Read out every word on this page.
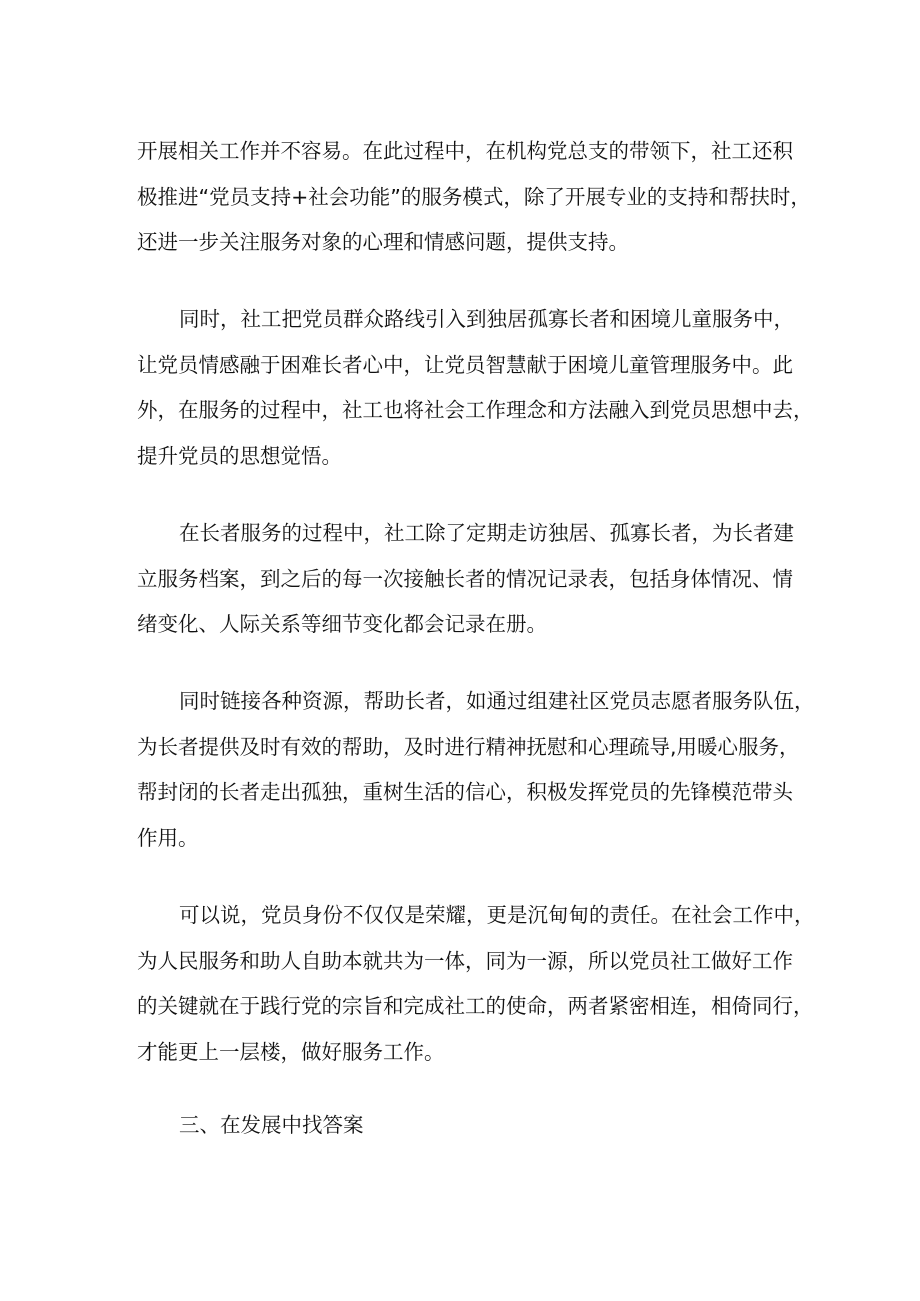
开展相关工作并不容易。在此过程中，在机构党总支的带领下，社工还积

极推进“党员支持+社会功能”的服务模式，除了开展专业的支持和帮扶时，

还进一步关注服务对象的心理和情感问题，提供支持。

同时，社工把党员群众路线引入到独居孤寡长者和困境儿童服务中，

让党员情感融于困难长者心中，让党员智慧献于困境儿童管理服务中。此

外，在服务的过程中，社工也将社会工作理念和方法融入到党员思想中去，

提升党员的思想觉悟。

在长者服务的过程中，社工除了定期走访独居、孤寡长者，为长者建

立服务档案，到之后的每一次接触长者的情况记录表，包括身体情况、情

绪变化、人际关系等细节变化都会记录在册。

同时链接各种资源，帮助长者，如通过组建社区党员志愿者服务队伍，

为长者提供及时有效的帮助，及时进行精神抚慰和心理疏导,用暖心服务，

帮封闭的长者走出孤独，重树生活的信心，积极发挥党员的先锋模范带头

作用。

可以说，党员身份不仅仅是荣耀，更是沉甸甸的责任。在社会工作中，

为人民服务和助人自助本就共为一体，同为一源，所以党员社工做好工作

的关键就在于践行党的宗旨和完成社工的使命，两者紧密相连，相倚同行，

才能更上一层楼，做好服务工作。

三、在发展中找答案
